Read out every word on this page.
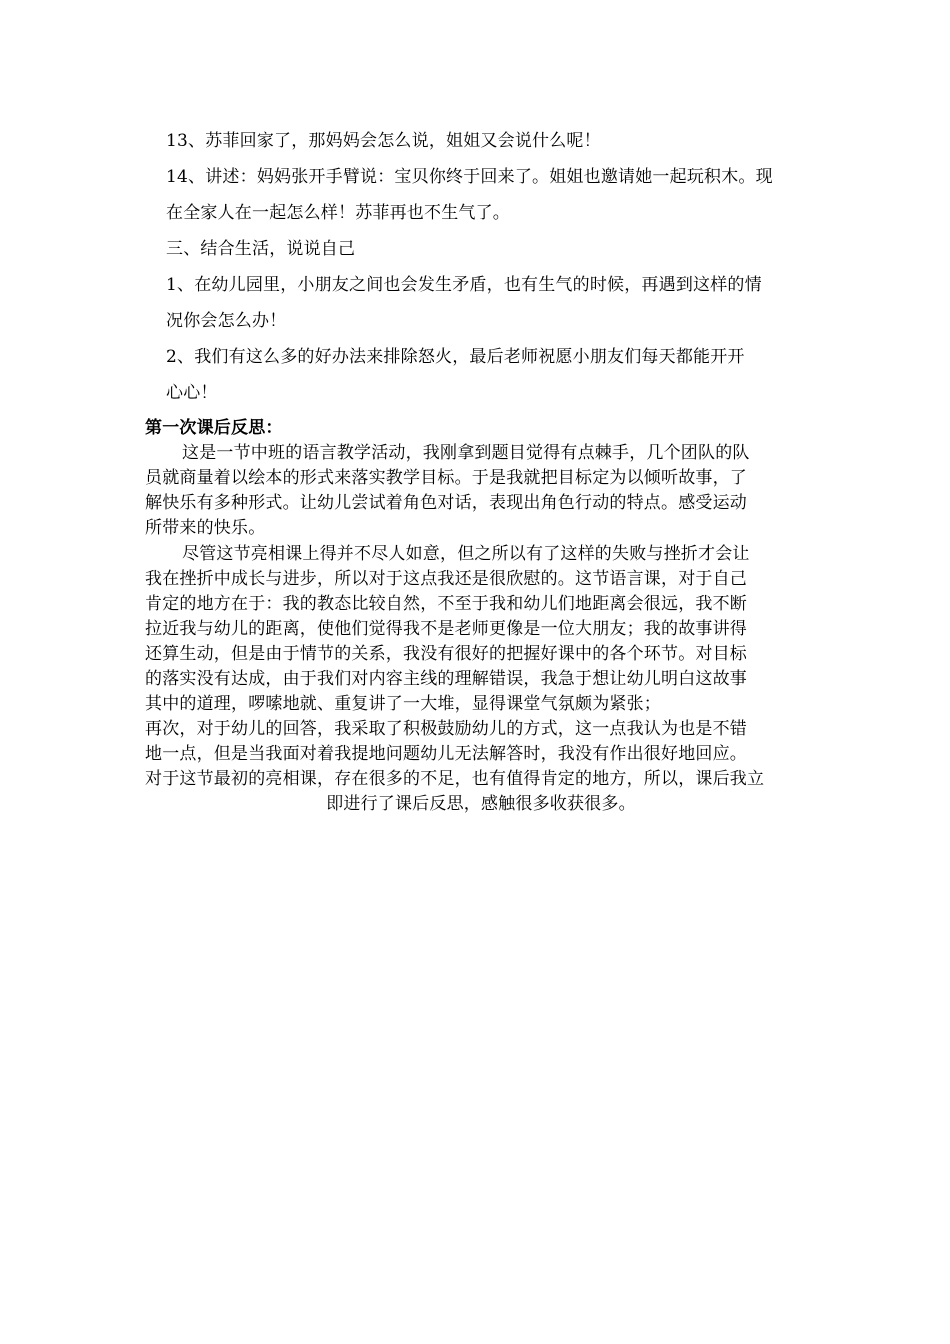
13、苏菲回家了，那妈妈会怎么说，姐姐又会说什么呢！
14、讲述：妈妈张开手臂说：宝贝你终于回来了。姐姐也邀请她一起玩积木。现
在全家人在一起怎么样！苏菲再也不生气了。
三、结合生活，说说自己
1、在幼儿园里，小朋友之间也会发生矛盾，也有生气的时候，再遇到这样的情
况你会怎么办！
2、我们有这么多的好办法来排除怒火，最后老师祝愿小朋友们每天都能开开
心心！
第一次课后反思：
这是一节中班的语言教学活动，我刚拿到题目觉得有点棘手，几个团队的队
员就商量着以绘本的形式来落实教学目标。于是我就把目标定为以倾听故事，了
解快乐有多种形式。让幼儿尝试着角色对话，表现出角色行动的特点。感受运动
所带来的快乐。
尽管这节亮相课上得并不尽人如意，但之所以有了这样的失败与挫折才会让
我在挫折中成长与进步，所以对于这点我还是很欣慰的。这节语言课，对于自己
肯定的地方在于：我的教态比较自然，不至于我和幼儿们地距离会很远，我不断
拉近我与幼儿的距离，使他们觉得我不是老师更像是一位大朋友；我的故事讲得
还算生动，但是由于情节的关系，我没有很好的把握好课中的各个环节。对目标
的落实没有达成，由于我们对内容主线的理解错误，我急于想让幼儿明白这故事
其中的道理，啰嗦地就、重复讲了一大堆，显得课堂气氛颇为紧张；
再次，对于幼儿的回答，我采取了积极鼓励幼儿的方式，这一点我认为也是不错
地一点，但是当我面对着我提地问题幼儿无法解答时，我没有作出很好地回应。
对于这节最初的亮相课，存在很多的不足，也有值得肯定的地方，所以，课后我立
即进行了课后反思，感触很多收获很多。
